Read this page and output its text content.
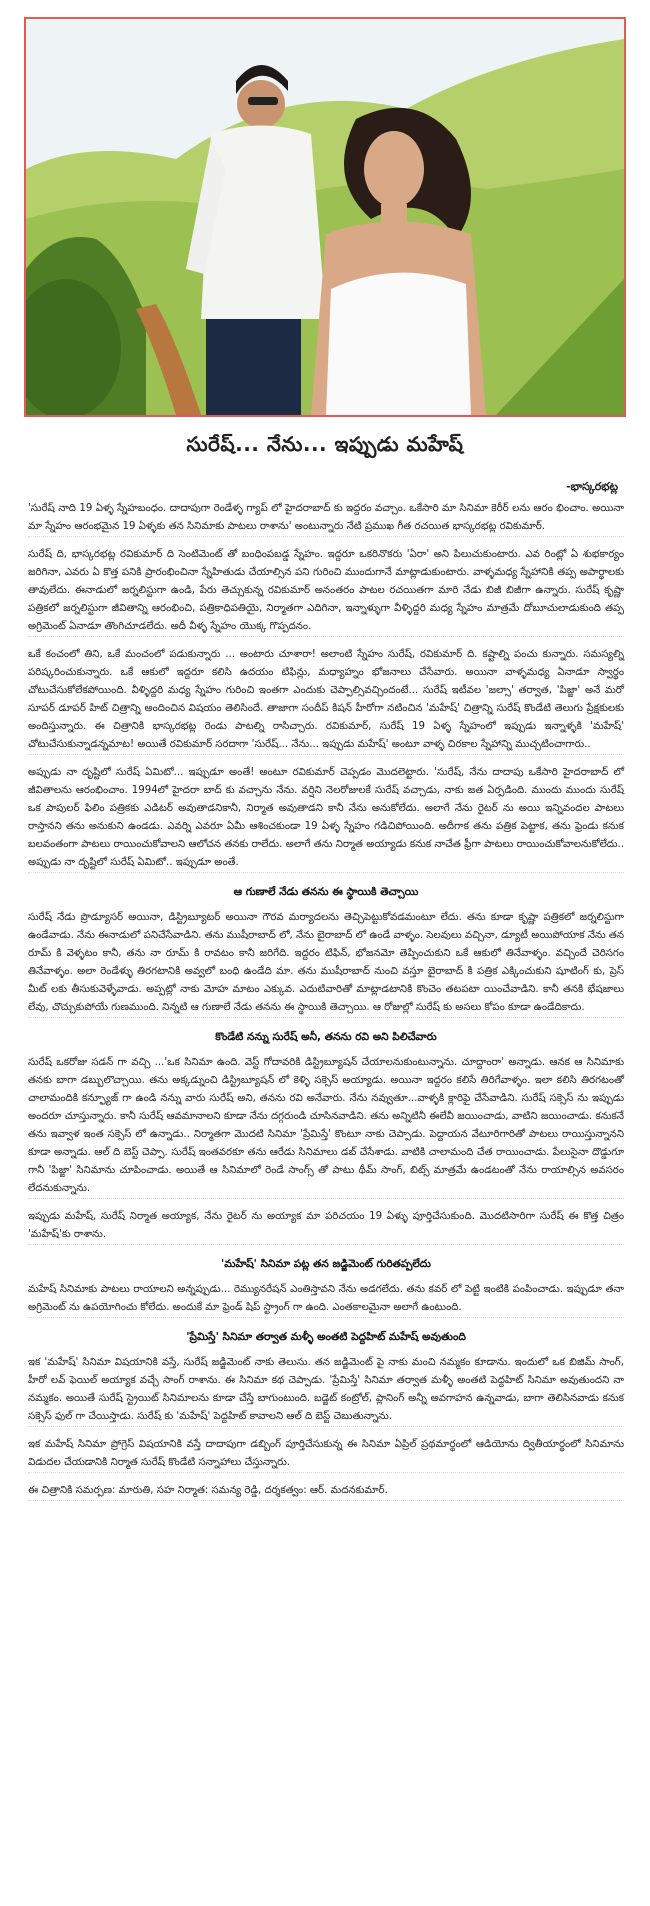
సురేష్... నేను... ఇప్పుడు మహేష్
-భాస్కరభట్ల

'సురేష్ నాది 19 ఏళ్ళ స్నేహబంధం. దాదాపుగా రెండేళ్ళ గ్యాప్ లో హైదరాబాద్ కు ఇద్దరం వచ్చాం. ఒకేసారి మా సినిమా కెరీర్ లను ఆరం భించాం. అయినా మా స్నేహం ఆరంభమైన 19 ఏళ్ళకు తన సినిమాకు పాటలు రాశాను' అంటున్నారు నేటి ప్రముఖ గీత రచయిత భాస్కరభట్ల రవికుమార్.

సురేష్ ది, భాస్కరభట్ల రవికుమార్ ది సెంటిమెంట్ తో బంధింపబడ్డ స్నేహం. ఇద్దరూ ఒకరినొకరు 'ఏరా' అని పిలుచుకుంటారు. ఎవ రింట్లో ఏ శుభకార్యం జరిగినా, ఎవరు ఏ కొత్త పనికి ప్రారంభించినా స్నేహితుడు చేయాల్సిన పని గురించి ముందుగానే మాట్లాడుకుంటారు. వాళ్ళమధ్య స్నేహానికి తప్ప అపార్థాలకు తావులేదు. ఈనాడులో జర్నలిస్టుగా ఉండి, పేరు తెచ్చుకున్న రవికుమార్ అనంతరం పాటల రచయితగా మారి నేడు బిజీ బిజీగా ఉన్నారు. సురేష్ కృష్ణా పత్రికలో జర్నలిస్టుగా జీవితాన్ని ఆరంభించి, పత్రికాధిపతియై, నిర్మాతగా ఎదిగినా, ఇన్నాళ్ళుగా వీళ్ళిద్దరి మధ్య స్నేహం మాత్రమే దోబూచులాడుకుంది తప్ప అగ్రిమెంట్ ఏనాడూ తొంగిచూడలేదు. అదీ వీళ్ళ స్నేహం యొక్క గొప్పదనం.

ఒకే కంచంలో తిని, ఒకే మంచంలో పడుకున్నారు ... అంటారు చూశారా! అలాంటి స్నేహం సురేష్, రవికుమార్ ది. కష్టాల్ని పంచు కున్నారు. సమస్యల్ని పరిష్కరించుకున్నారు. ఒకే ఆకులో ఇద్దరూ కలిసి ఉదయం టిఫిన్లు, మధ్యాహ్నం భోజనాలు చేసేవారు. అయినా వాళ్ళమధ్య ఏనాడూ స్వార్థం చోటుచేసుకోలేకపోయింది. వీళ్ళిద్దరి మధ్య స్నేహం గురించి ఇంతగా ఎందుకు చెప్పాల్సివచ్చిందంటే... సురేష్ ఇటీవల 'జల్సా' తర్వాత, 'పిజ్జా' అనే మరో సూపర్ డూపర్ హిట్ చిత్రాన్ని అందించిన విషయం తెలిసిందే. తాజాగా సందీప్ కిషన్ హీరోగా నటించిన 'మహేష్' చిత్రాన్ని సురేష్ కొండేటి తెలుగు ప్రేక్షకులకు అందిస్తున్నారు. ఈ చిత్రానికి భాస్కరభట్ల రెండు పాటల్ని రాసిచ్చారు. రవికుమార్, సురేష్ 19 ఏళ్ళ స్నేహంలో ఇప్పుడు ఇన్నాళ్ళకి 'మహేష్' చోటుచేసుకున్నాడన్నమాట! అయితే రవికుమార్ సరదాగా 'సురేష్... నేను... ఇప్పుడు మహేష్' అంటూ వాళ్ళ చిరకాల స్నేహాన్ని ముచ్చటించాగారు..

అప్పుడు నా దృష్టిలో సురేష్ ఏమిటో... ఇప్పుడూ అంతే! అంటూ రవికుమార్ చెప్పడం మొదలెట్టారు. 'సురేష్, నేను దాదాపు ఒకేసారి హైదరాబాద్ లో జీవితాలను ఆరంభించాం. 1994లో హైదరా బాద్ కు వచ్చాను నేను. వర్షిని నెలరోజులకే సురేష్ వచ్చాడు, నాకు జత ఏర్పడింది. ముందు ముందు సురేష్ ఒక పాపులర్ ఫిలిం పత్రికకు ఎడిటర్ అవుతాడనికానీ, నిర్మాత అవుతాడని కానీ నేను అనుకోలేదు. అలాగే నేను రైటర్ ను అయి ఇన్నివందల పాటలు రాస్తానని తను అనుకుని ఉండడు. ఎవర్ని ఎవరూ ఏమీ ఆశించకుండా 19 ఏళ్ళ స్నేహం గడిచిపోయింది. అదీగాక తను పత్రిక పెట్టాక, తను ఫ్రెండు కనుక బలవంతంగా పాటలు రాయించుకోవాలని ఆలోచన తనకు రాలేదు. అలాగే తను నిర్మాత అయ్యాడు కనుక నాచేత ఫ్రీగా పాటలు రాయించుకోవాలనుకోలేదు.. అప్పుడు నా దృష్టిలో సురేష్ ఏమిటో.. ఇప్పుడూ అంతే.

ఆ గుణాలే నేడు తనను ఈ స్థాయికి తెచ్చాయి

సురేష్ నేడు ప్రొడ్యూసర్ అయినా, డిస్ట్రిబ్యూటర్ అయినా గౌరవ మర్యాదలను తెచ్చిపెట్టుకోవడమంటూ లేదు. తను కూడా కృష్ణా పత్రికలో జర్నలిస్టుగా ఉండేవాడు. నేను ఈనాడులో పనిచేసేవాడిని. తను ముషీరాబాద్ లో, నేను బైరాబాద్ లో ఉండే వాళ్ళం. సెలవులు వచ్చినా, డ్యూటీ అయిపోయాక నేను తన రూమ్ కి వెళ్ళటం కానీ, తను నా రూమ్ కి రావటం కానీ జరిగేది. ఇద్దరం టిఫిన్, భోజనమో తెప్పించుకుని ఒకే ఆకులో తినేవాళ్ళం. వచ్చిందే చెరిసగం తినేవాళ్ళం. అలా రెండేళ్ళు తిరగటానికి అవ్వలో బంధి ఉండేది మా. తను ముషీరాబాద్ నుంచి వస్తూ బైరాబాద్ కి పత్రిక ఎక్కించుకుని షూటింగ్ కు, ప్రెస్ మీట్ లకు తీసుకువెళ్ళేవాడు. అప్పట్లో నాకు మోహ మాటం ఎక్కువ. ఎదుటివారితో మాట్లాడటానికి కొంచెం తటపటా యించేవాడిని. కానీ తనకి భేషజాలు లేవు, చొచ్చుకుపోయే గుణముంది. నిన్నటి ఆ గుణాలే నేడు తనను ఈ స్థాయికి తెచ్చాయి. ఆ రోజుల్లో సురేష్ కు అసలు కోపం కూడా ఉండేదికాదు.

కొండేటి నన్ను సురేష్ అనీ, తనను రవి అని పిలిచేవారు

సురేష్ ఒకరోజు సడన్ గా వచ్చి ...'ఒక సినిమా ఉంది. వెస్ట్ గోదావరికి డిస్ట్రిబ్యూషన్ చేయాలనుకుంటున్నాను. చూద్దాంరా' అన్నాడు. ఆనక ఆ సినిమాకు తనకు బాగా డబ్బులొచ్చాయి. తను అక్కడ్నుంచి డిస్ట్రిబ్యూషన్ లో కెళ్ళి సక్సెస్ అయ్యాడు. అయినా ఇద్దరం కలిసే తిరిగేవాళ్ళం. ఇలా కలిసి తిరగటంతో చాలామందికి కన్ఫ్యూజ్ గా ఉండి నన్ను వారు సురేష్ అని, తనను రవి అనేవారు. నేను నవ్వుతూ...వాళ్ళకి క్లారిఫై చేసేవాడిని. సురేష్ సక్సెస్ ను ఇప్పుడు అందరూ చూస్తున్నారు. కానీ సురేష్ ఆవమానాలని కూడా నేను దగ్గరుండి చూసినవాడిని. తను అన్నిటినీ ఈలేవీ జయించాడు, వాటిని జయించాడు. కనుకనే తను ఇవ్వాళ ఇంత సక్సెస్ లో ఉన్నాడు.. నిర్మాతగా మొదటి సినిమా 'ప్రేమిస్తే' కొంటూ నాకు చెప్పాడు. పెద్దాయన వేటూరిగారితో పాటలు రాయిస్తున్నానని కూడా అన్నాడు. ఆల్ ది బెస్ట్ చెప్పా. సురేష్ ఇంతవరకూ తను ఆరేడు సినిమాలు డబ్ చేసేశాడు. వాటికి చాలామంది చేత రాయించాడు. పేలుసైనా దొడ్డుగూ గానీ 'పిజ్జా' సినిమాను చూపించాడు. అయితే ఆ సినిమాలో రెండే సాంగ్స్ తో పాటు థీమ్ సాంగ్, బిట్స్ మాత్రమే ఉండటంతో నేను రాయాల్సిన అవసరం లేదనుకున్నాను.

ఇప్పుడు మహేష్, సురేష్ నిర్మాత అయ్యాక, నేను రైటర్ ను అయ్యాక మా పరిచయం 19 ఏళ్ళు పూర్తిచేసుకుంది. మొదటిసారిగా సురేష్ ఈ కొత్త చిత్రం 'మహేష్'కు రాశాను.

'మహేష్' సినిమా పట్ల తన జడ్జిమెంట్ గురితప్పలేదు

మహేష్ సినిమాకు పాటలు రాయాలని అన్నప్పుడు... రెమ్యునరేషన్ ఎంతిస్తావని నేను అడగలేదు. తను కవర్ లో పెట్టి ఇంటికి పంపించాడు. ఇప్పుడూ తనా అగ్రిమెంట్ ను ఉపయోగించు కోలేదు. అందుకే మా ఫ్రెండ్ షిప్ స్ట్రాంగ్ గా ఉంది. ఎంతకాలమైనా అలాగే ఉంటుంది.

'ప్రేమిస్తే' సినిమా తర్వాత మళ్ళీ అంతటి పెద్దహిట్ మహేష్ అవుతుంది

ఇక 'మహేష్' సినిమా విషయానికి వస్తే, సురేష్ జడ్జిమెంట్ నాకు తెలుసు. తన జడ్జిమెంట్ పై నాకు మంచి నమ్మకం కూడాను. ఇందులో ఒక బిజిమ్ సాంగ్, హీరో లవ్ ఫెయిల్ అయ్యాక వచ్చే సాంగ్ రాశాను. ఈ సినిమా కథ చెప్పాడు. 'ప్రేమిస్తే' సినిమా తర్వాత మళ్ళీ అంతటి పెద్దహిట్ సినిమా అవుతుందని నా నమ్మకం. అయితే సురేష్ స్ట్రెయిట్ సినిమాలను కూడా చేస్తే బాగుంటుంది. బడ్జెట్ కంట్రోల్, ప్లానింగ్ అన్నీ అవగాహన ఉన్నవాడు, బాగా తెలిసినవాడు కనుక సక్సెస్ ఫుల్ గా చేయిస్తాడు. సురేష్ కు 'మహేష్' పెద్దహిట్ కావాలని ఆల్ ది బెస్ట్ చెబుతున్నాను.

ఇక మహేష్ సినిమా ప్రోగ్రెస్ విషయానికి వస్తే దాదాపుగా డబ్బింగ్ పూర్తిచేసుకున్న ఈ సినిమా ఏప్రిల్ ప్రథమార్థంలో ఆడియోను ద్వితీయార్థంలో సినిమాను విడుదల చేయడానికి నిర్మాత సురేష్ కొండేటి సన్నాహాలు చేస్తున్నారు.

ఈ చిత్రానికి సమర్పణ: మారుతి, సహ నిర్మాత: సమన్య రెడ్డి, దర్శకత్వం: ఆర్. మదనకుమార్.
